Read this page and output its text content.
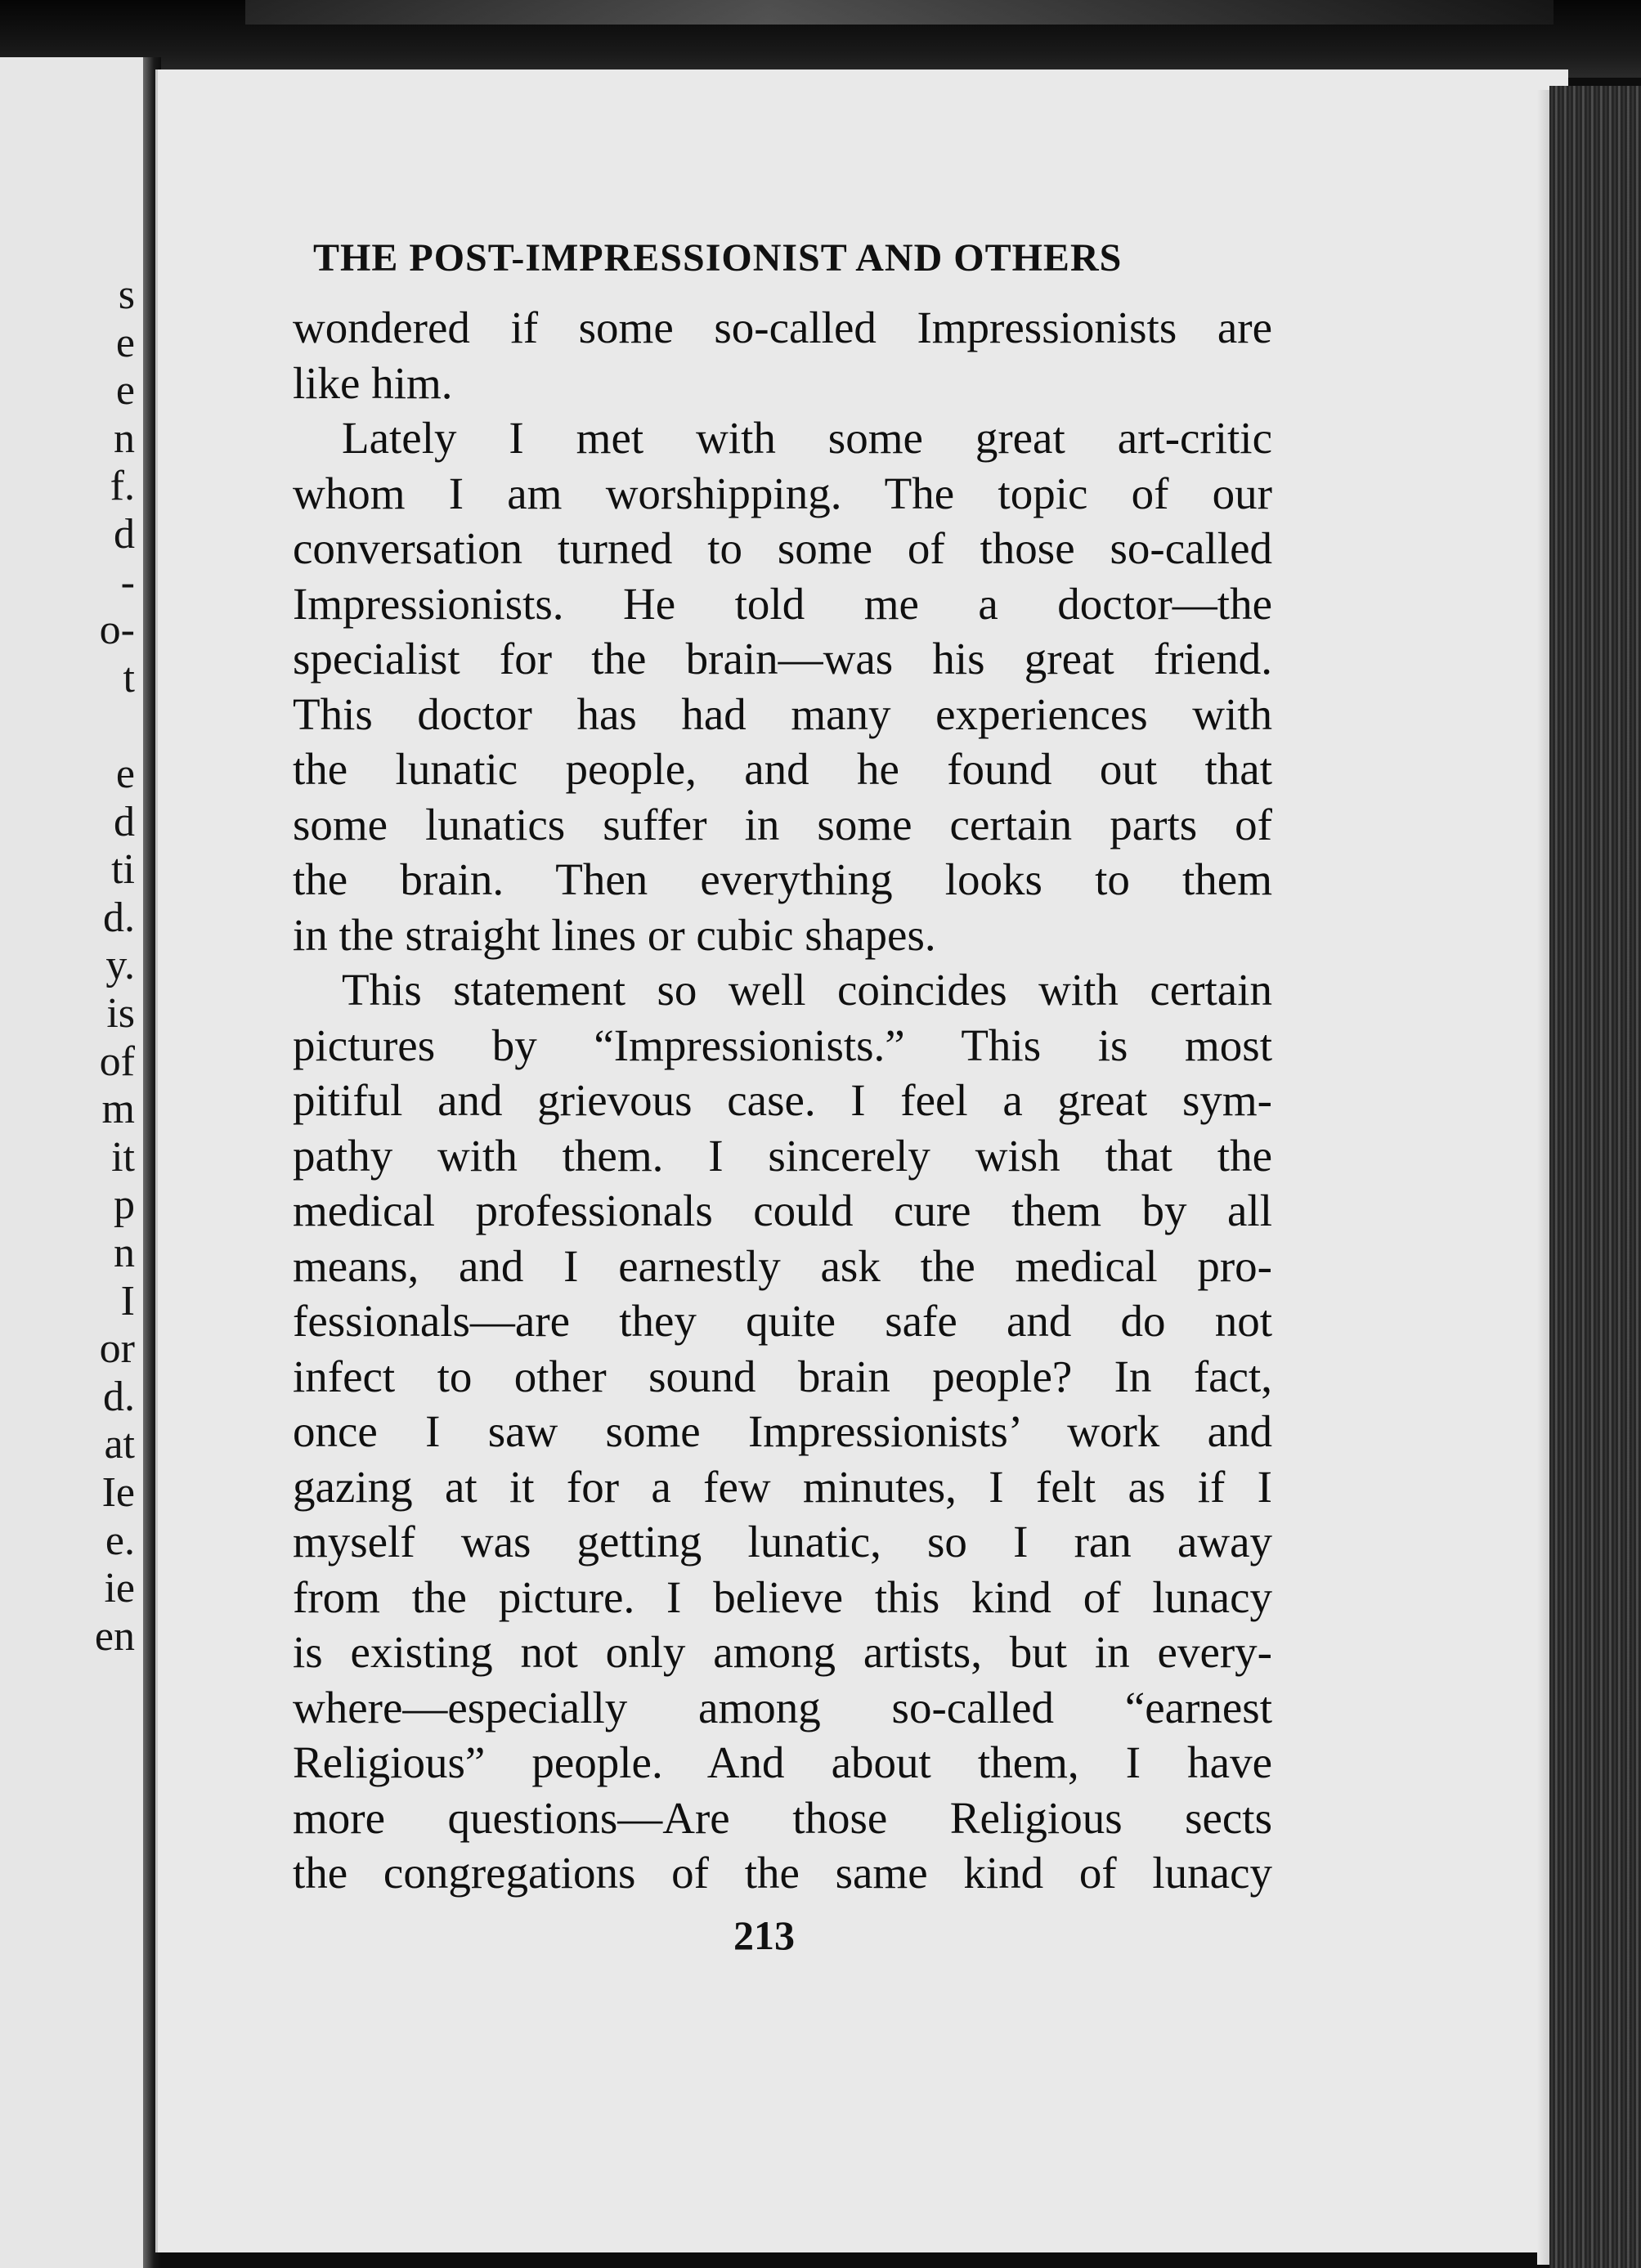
THE POST-IMPRESSIONIST AND OTHERS
wondered if some so-called Impressionists are
like him.
Lately I met with some great art-critic
whom I am worshipping. The topic of our
conversation turned to some of those so-called
Impressionists. He told me a doctor—the
specialist for the brain—was his great friend.
This doctor has had many experiences with
the lunatic people, and he found out that
some lunatics suffer in some certain parts of
the brain. Then everything looks to them
in the straight lines or cubic shapes.
This statement so well coincides with certain
pictures by “Impressionists.” This is most
pitiful and grievous case. I feel a great sym-
pathy with them. I sincerely wish that the
medical professionals could cure them by all
means, and I earnestly ask the medical pro-
fessionals—are they quite safe and do not
infect to other sound brain people? In fact,
once I saw some Impressionists’ work and
gazing at it for a few minutes, I felt as if I
myself was getting lunatic, so I ran away
from the picture. I believe this kind of lunacy
is existing not only among artists, but in every-
where—especially among so-called “earnest
Religious” people. And about them, I have
more questions—Are those Religious sects
the congregations of the same kind of lunacy
213
s
e
e
n
f.
d
-
o-
t
e
d
ti
d.
y.
is
of
m
it
p
n
I
or
d.
at
Ie
e.
ie
en
